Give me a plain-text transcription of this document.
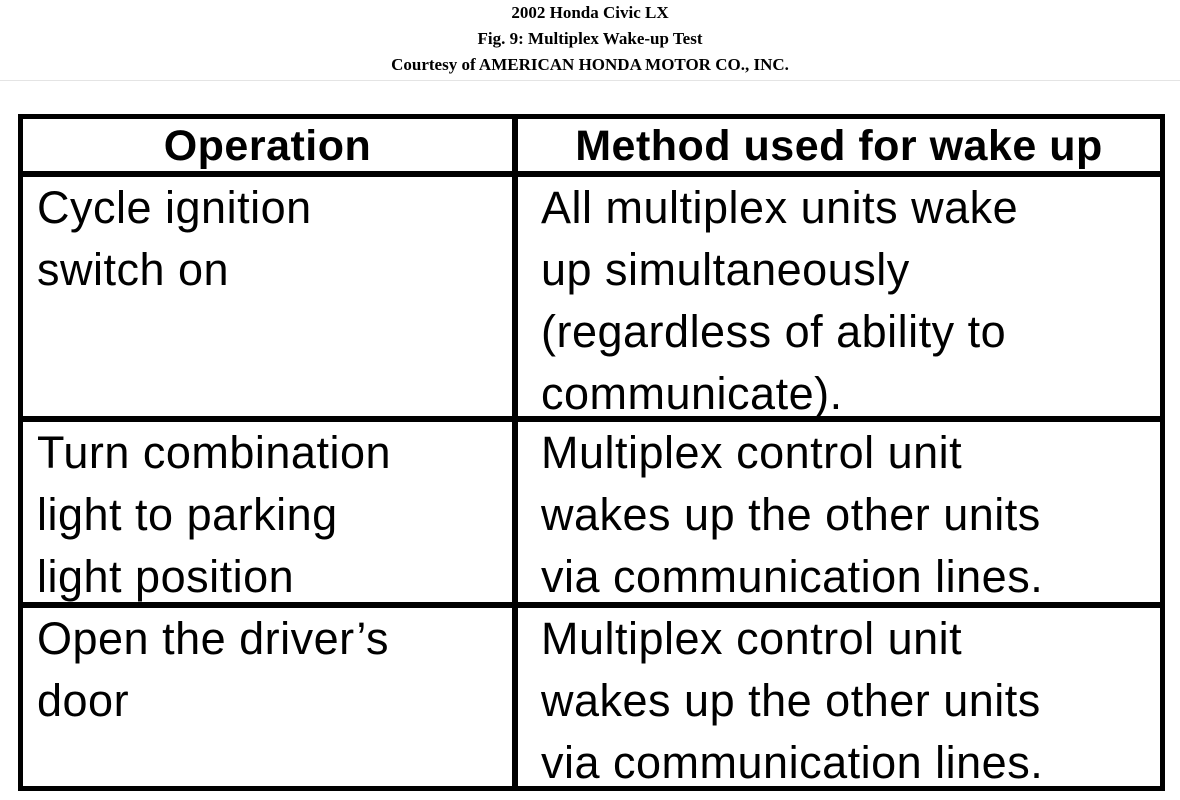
2002 Honda Civic LX
Fig. 9: Multiplex Wake-up Test
Courtesy of AMERICAN HONDA MOTOR CO., INC.
Operation	Method used for wake up
Cycle ignition
switch on
All multiplex units wake
up simultaneously
(regardless of ability to
communicate).
Turn combination
light to parking
light position
Multiplex control unit
wakes up the other units
via communication lines.
Open the driver’s
door
Multiplex control unit
wakes up the other units
via communication lines.
